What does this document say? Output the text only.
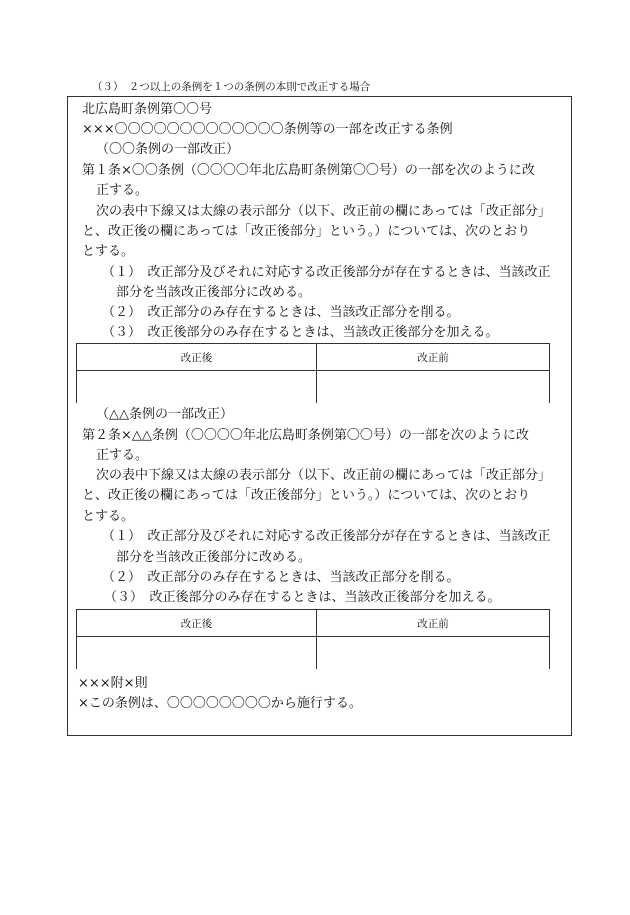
（３）　２つ以上の条例を１つの条例の本則で改正する場合
北広島町条例第〇〇号
×××〇〇〇〇〇〇〇〇〇〇〇〇〇条例等の一部を改正する条例
（〇〇条例の一部改正）
第１条×〇〇条例（〇〇〇〇年北広島町条例第〇〇号）の一部を次のように改
正する。
次の表中下線又は太線の表示部分（以下、改正前の欄にあっては「改正部分」
と、改正後の欄にあっては「改正後部分」という。）については、次のとおり
とする。
（１）　改正部分及びそれに対応する改正後部分が存在するときは、当該改正
部分を当該改正後部分に改める。
（２）　改正部分のみ存在するときは、当該改正部分を削る。
（３）　改正後部分のみ存在するときは、当該改正後部分を加える。
改正後	改正前

（△△条例の一部改正）
第２条×△△条例（〇〇〇〇年北広島町条例第〇〇号）の一部を次のように改
正する。
次の表中下線又は太線の表示部分（以下、改正前の欄にあっては「改正部分」
と、改正後の欄にあっては「改正後部分」という。）については、次のとおり
とする。
（１）　改正部分及びそれに対応する改正後部分が存在するときは、当該改正
部分を当該改正後部分に改める。
（２）　改正部分のみ存在するときは、当該改正部分を削る。
（３）　改正後部分のみ存在するときは、当該改正後部分を加える。
改正後	改正前

×××附×則
×この条例は、〇〇〇〇〇〇〇〇から施行する。
